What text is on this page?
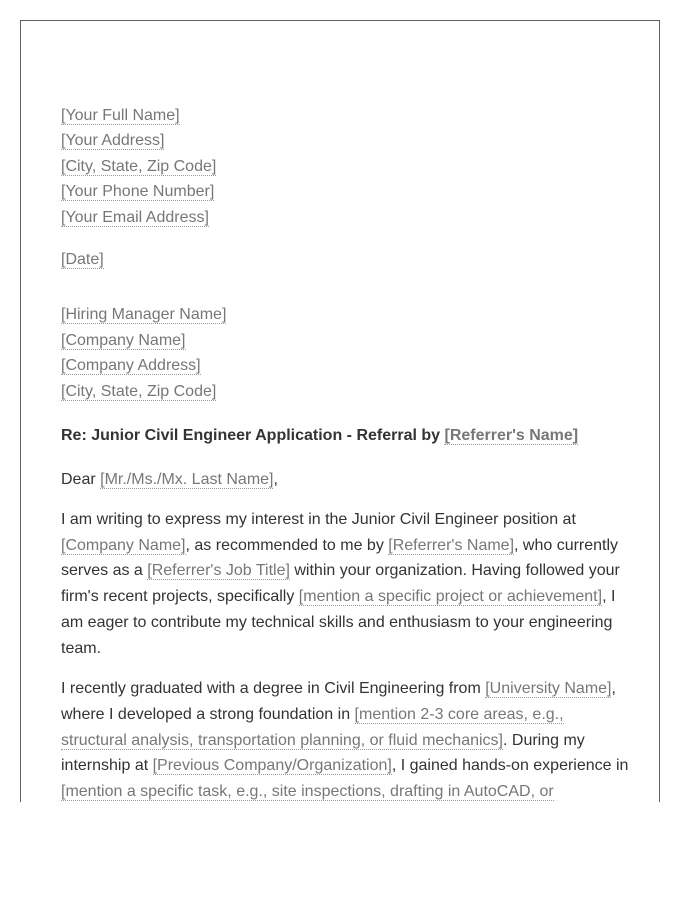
[Your Full Name]
[Your Address]
[City, State, Zip Code]
[Your Phone Number]
[Your Email Address]
[Date]
[Hiring Manager Name]
[Company Name]
[Company Address]
[City, State, Zip Code]
Re: Junior Civil Engineer Application - Referral by [Referrer's Name]
Dear [Mr./Ms./Mx. Last Name],

I am writing to express my interest in the Junior Civil Engineer position at [Company Name], as recommended to me by [Referrer's Name], who currently serves as a [Referrer's Job Title] within your organization. Having followed your firm's recent projects, specifically [mention a specific project or achievement], I am eager to contribute my technical skills and enthusiasm to your engineering team.

I recently graduated with a degree in Civil Engineering from [University Name], where I developed a strong foundation in [mention 2-3 core areas, e.g., structural analysis, transportation planning, or fluid mechanics]. During my internship at [Previous Company/Organization], I gained hands-on experience in [mention a specific task, e.g., site inspections, drafting in AutoCAD, or
